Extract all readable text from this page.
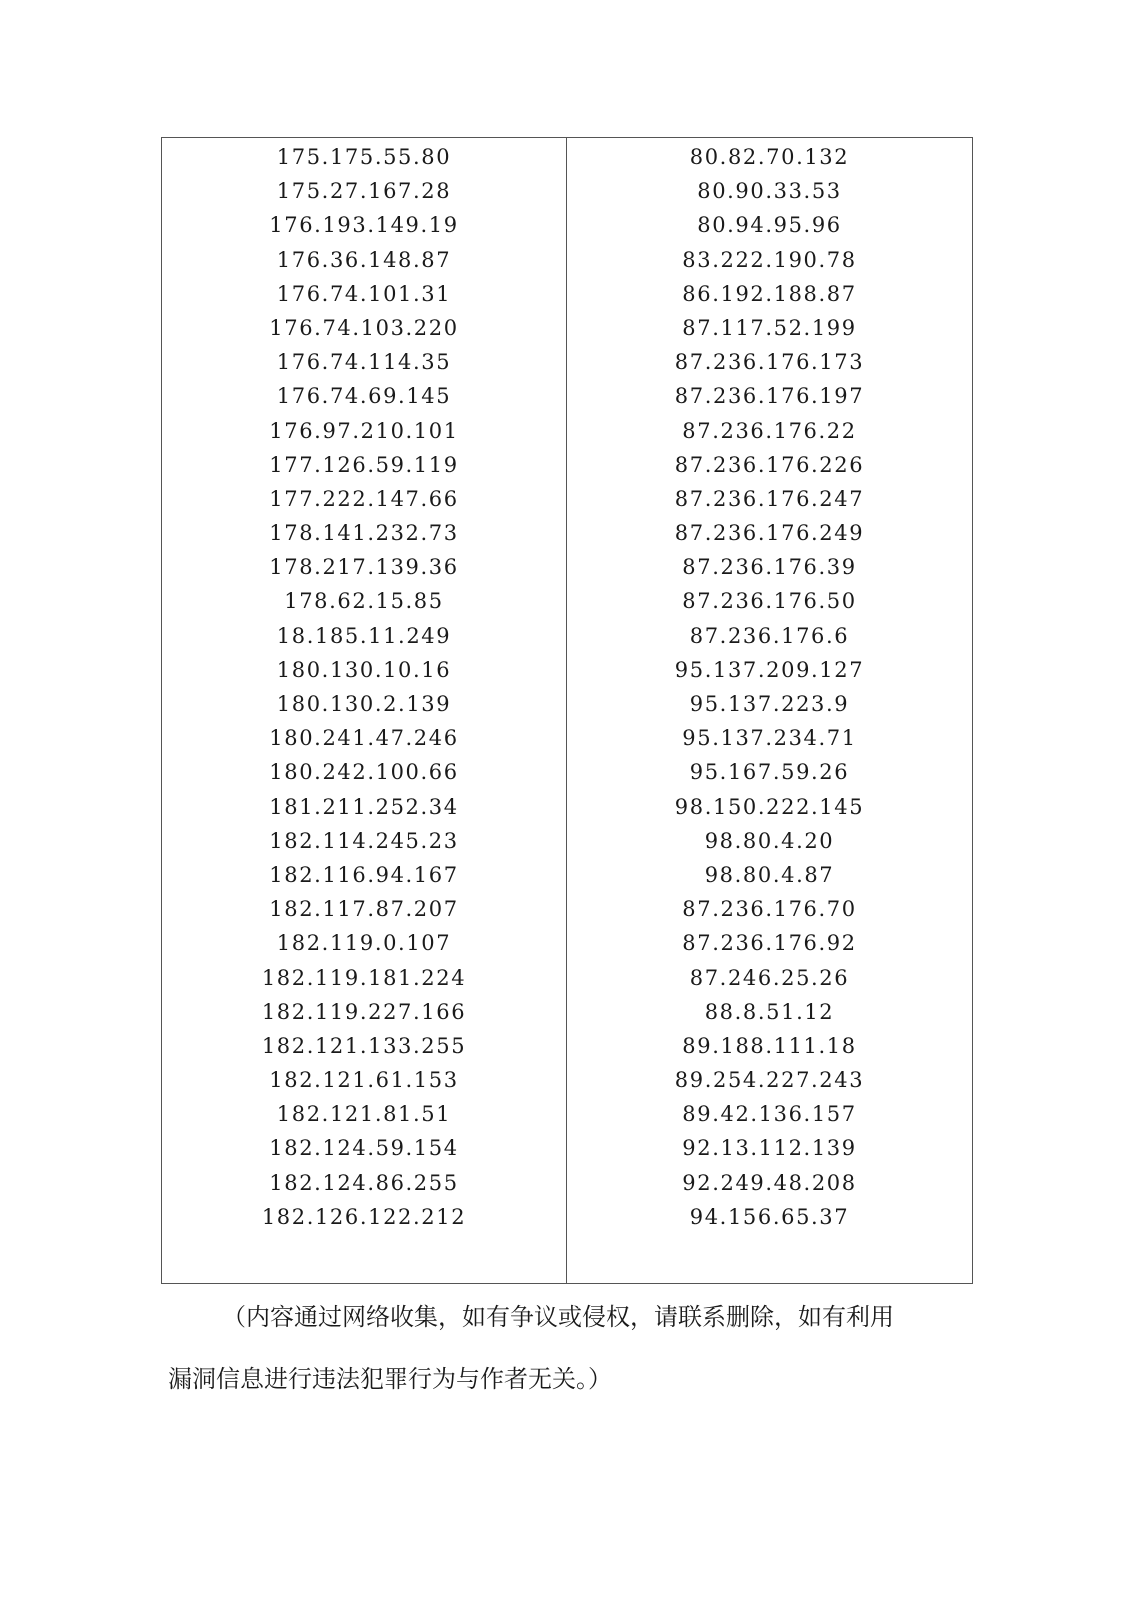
175.175.55.80
175.27.167.28
176.193.149.19
176.36.148.87
176.74.101.31
176.74.103.220
176.74.114.35
176.74.69.145
176.97.210.101
177.126.59.119
177.222.147.66
178.141.232.73
178.217.139.36
178.62.15.85
18.185.11.249
180.130.10.16
180.130.2.139
180.241.47.246
180.242.100.66
181.211.252.34
182.114.245.23
182.116.94.167
182.117.87.207
182.119.0.107
182.119.181.224
182.119.227.166
182.121.133.255
182.121.61.153
182.121.81.51
182.124.59.154
182.124.86.255
182.126.122.212
80.82.70.132
80.90.33.53
80.94.95.96
83.222.190.78
86.192.188.87
87.117.52.199
87.236.176.173
87.236.176.197
87.236.176.22
87.236.176.226
87.236.176.247
87.236.176.249
87.236.176.39
87.236.176.50
87.236.176.6
95.137.209.127
95.137.223.9
95.137.234.71
95.167.59.26
98.150.222.145
98.80.4.20
98.80.4.87
87.236.176.70
87.236.176.92
87.246.25.26
88.8.51.12
89.188.111.18
89.254.227.243
89.42.136.157
92.13.112.139
92.249.48.208
94.156.65.37
（内容通过网络收集，如有争议或侵权，请联系删除，如有利用
漏洞信息进行违法犯罪行为与作者无关。）
